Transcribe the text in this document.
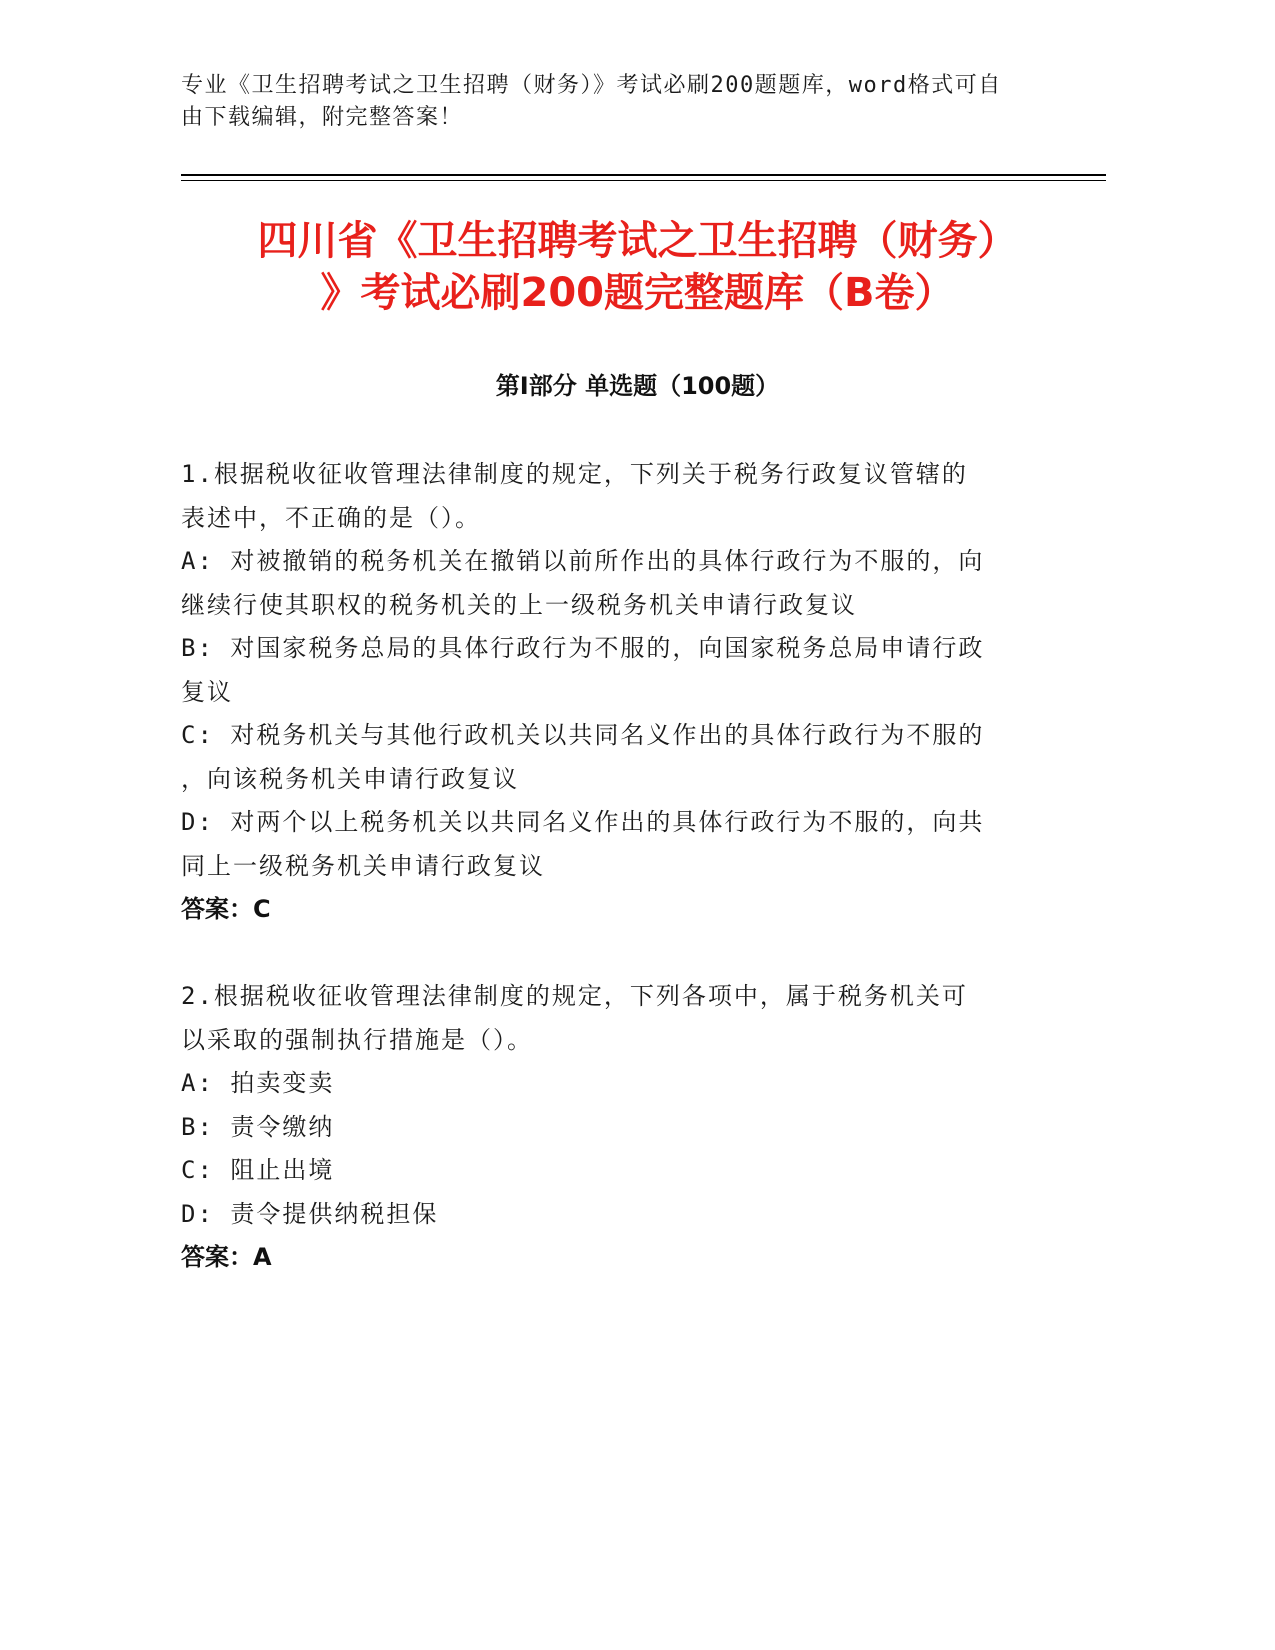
专业《卫生招聘考试之卫生招聘（财务）》考试必刷200题题库，word格式可自
由下载编辑，附完整答案！
四川省《卫生招聘考试之卫生招聘（财务）
》考试必刷200题完整题库（B卷）
第Ⅰ部分 单选题（100题）

1.根据税收征收管理法律制度的规定，下列关于税务行政复议管辖的

表述中，不正确的是（）。

A: 对被撤销的税务机关在撤销以前所作出的具体行政行为不服的，向

继续行使其职权的税务机关的上一级税务机关申请行政复议

B: 对国家税务总局的具体行政行为不服的，向国家税务总局申请行政

复议

C: 对税务机关与其他行政机关以共同名义作出的具体行政行为不服的

，向该税务机关申请行政复议

D: 对两个以上税务机关以共同名义作出的具体行政行为不服的，向共

同上一级税务机关申请行政复议

答案：C

2.根据税收征收管理法律制度的规定，下列各项中，属于税务机关可

以采取的强制执行措施是（）。

A: 拍卖变卖

B: 责令缴纳

C: 阻止出境

D: 责令提供纳税担保

答案：A
